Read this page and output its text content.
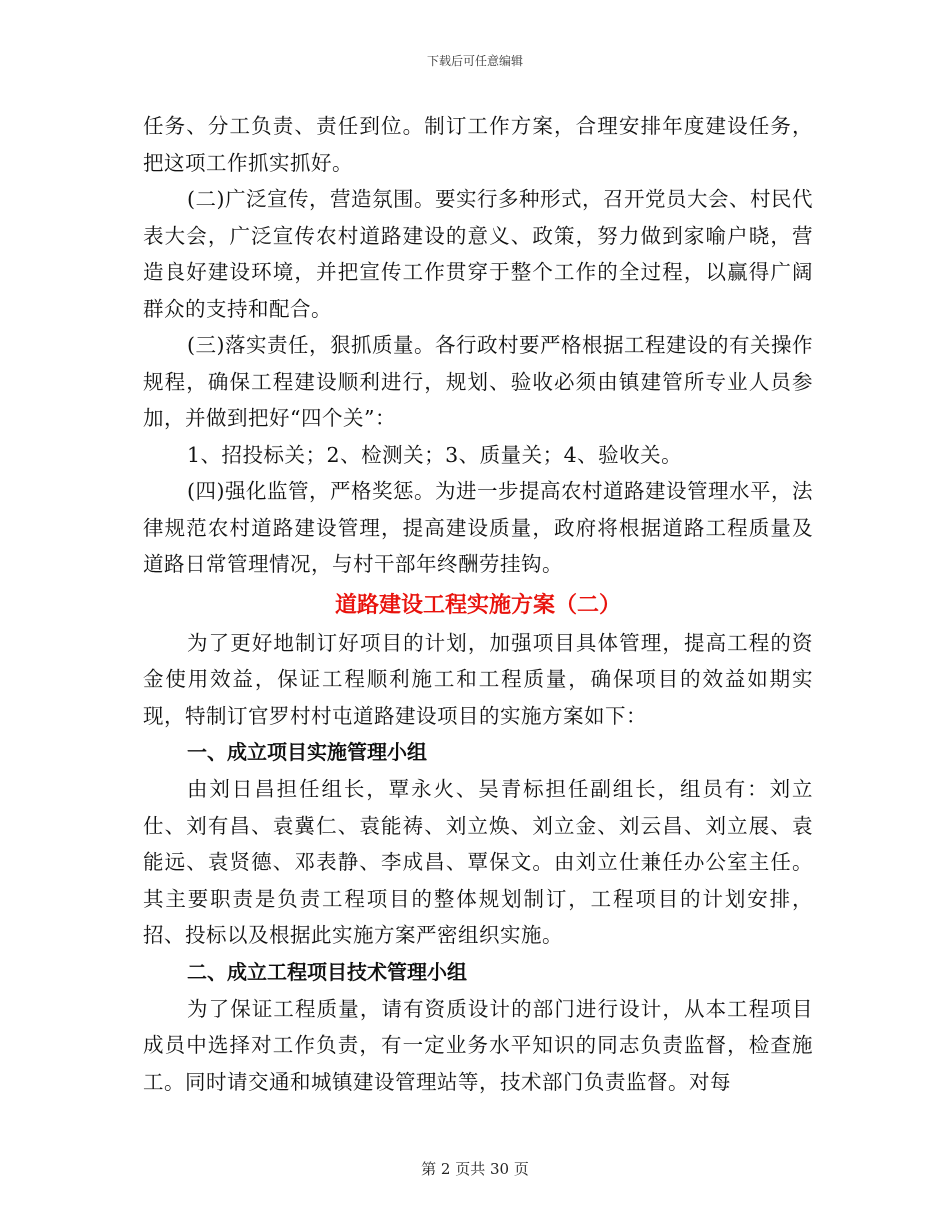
下载后可任意编辑

任务、分工负责、责任到位。制订工作方案，合理安排年度建设任务，把这项工作抓实抓好。

(二)广泛宣传，营造氛围。要实行多种形式，召开党员大会、村民代表大会，广泛宣传农村道路建设的意义、政策，努力做到家喻户晓，营造良好建设环境，并把宣传工作贯穿于整个工作的全过程，以赢得广阔群众的支持和配合。

(三)落实责任，狠抓质量。各行政村要严格根据工程建设的有关操作规程，确保工程建设顺利进行，规划、验收必须由镇建管所专业人员参加，并做到把好“四个关”：

1、招投标关；2、检测关；3、质量关；4、验收关。

(四)强化监管，严格奖惩。为进一步提高农村道路建设管理水平，法律规范农村道路建设管理，提高建设质量，政府将根据道路工程质量及道路日常管理情况，与村干部年终酬劳挂钩。

道路建设工程实施方案（二）

为了更好地制订好项目的计划，加强项目具体管理，提高工程的资金使用效益，保证工程顺利施工和工程质量，确保项目的效益如期实现，特制订官罗村村屯道路建设项目的实施方案如下：

一、成立项目实施管理小组

由刘日昌担任组长，覃永火、吴青标担任副组长，组员有：刘立仕、刘有昌、袁冀仁、袁能祷、刘立焕、刘立金、刘云昌、刘立展、袁能远、袁贤德、邓表静、李成昌、覃保文。由刘立仕兼任办公室主任。其主要职责是负责工程项目的整体规划制订，工程项目的计划安排，招、投标以及根据此实施方案严密组织实施。

二、成立工程项目技术管理小组

为了保证工程质量，请有资质设计的部门进行设计，从本工程项目成员中选择对工作负责，有一定业务水平知识的同志负责监督，检查施工。同时请交通和城镇建设管理站等，技术部门负责监督。对每

第 2 页共 30 页
